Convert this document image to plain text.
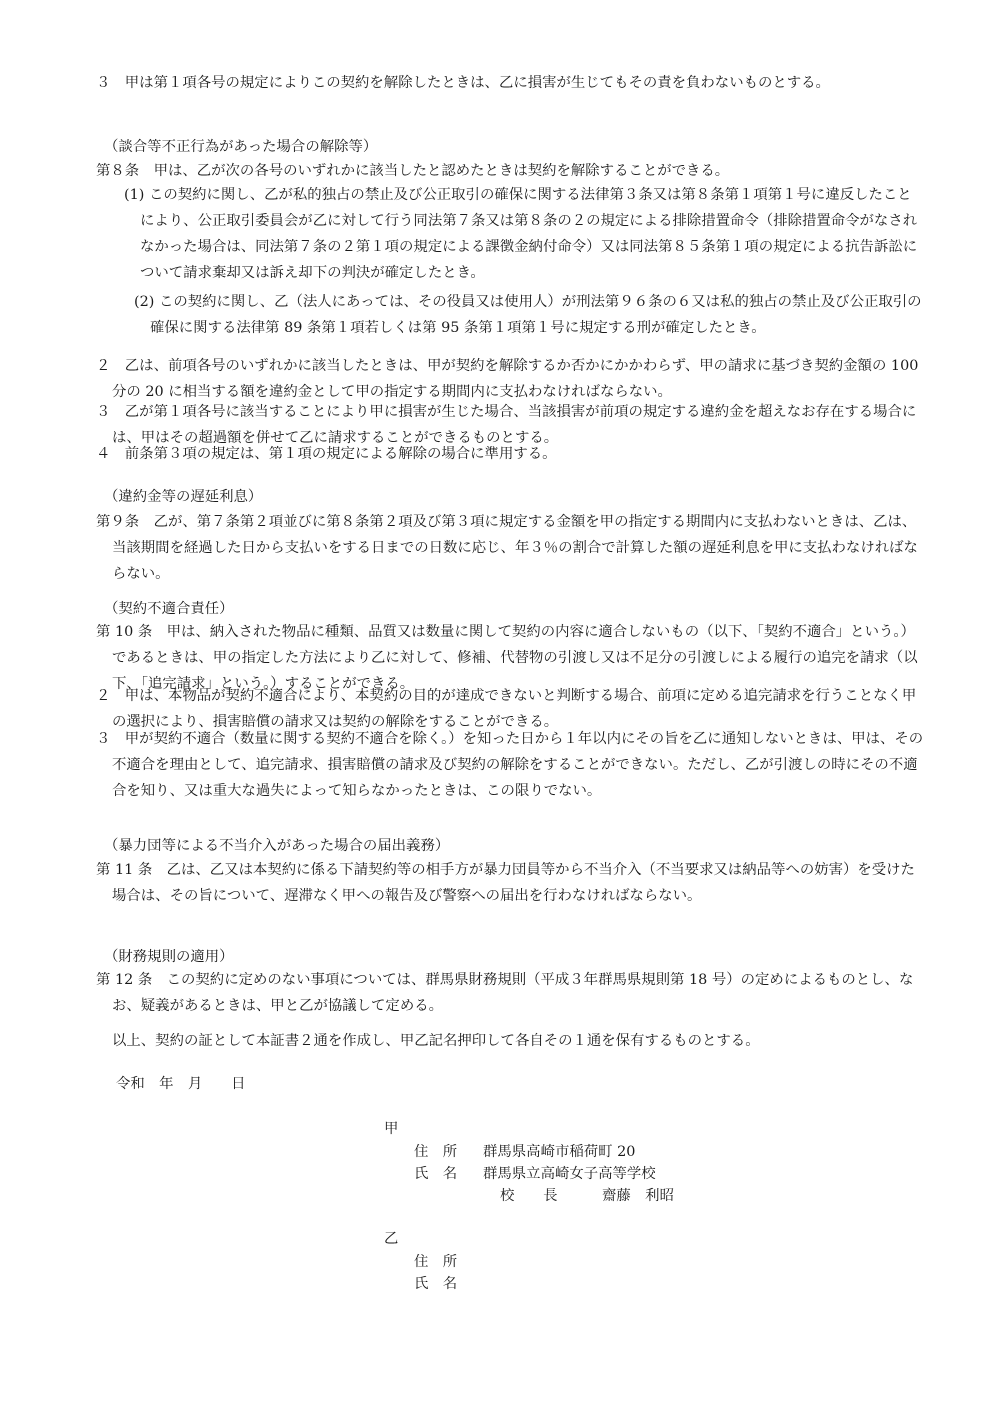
３　甲は第１項各号の規定によりこの契約を解除したときは、乙に損害が生じてもその責を負わないものとする。

（談合等不正行為があった場合の解除等）

第８条　甲は、乙が次の各号のいずれかに該当したと認めたときは契約を解除することができる。

(1) この契約に関し、乙が私的独占の禁止及び公正取引の確保に関する法律第３条又は第８条第１項第１号に違反したことにより、公正取引委員会が乙に対して行う同法第７条又は第８条の２の規定による排除措置命令（排除措置命令がなされなかった場合は、同法第７条の２第１項の規定による課徴金納付命令）又は同法第８５条第１項の規定による抗告訴訟について請求棄却又は訴え却下の判決が確定したとき。

(2) この契約に関し、乙（法人にあっては、その役員又は使用人）が刑法第９６条の６又は私的独占の禁止及び公正取引の確保に関する法律第 89 条第１項若しくは第 95 条第１項第１号に規定する刑が確定したとき。

２　乙は、前項各号のいずれかに該当したときは、甲が契約を解除するか否かにかかわらず、甲の請求に基づき契約金額の 100 分の 20 に相当する額を違約金として甲の指定する期間内に支払わなければならない。

３　乙が第１項各号に該当することにより甲に損害が生じた場合、当該損害が前項の規定する違約金を超えなお存在する場合には、甲はその超過額を併せて乙に請求することができるものとする。

４　前条第３項の規定は、第１項の規定による解除の場合に準用する。

（違約金等の遅延利息）

第９条　乙が、第７条第２項並びに第８条第２項及び第３項に規定する金額を甲の指定する期間内に支払わないときは、乙は、当該期間を経過した日から支払いをする日までの日数に応じ、年３％の割合で計算した額の遅延利息を甲に支払わなければならない。

（契約不適合責任）

第 10 条　甲は、納入された物品に種類、品質又は数量に関して契約の内容に適合しないもの（以下、「契約不適合」という。）であるときは、甲の指定した方法により乙に対して、修補、代替物の引渡し又は不足分の引渡しによる履行の追完を請求（以下、「追完請求」という。）することができる。

２　甲は、本物品が契約不適合により、本契約の目的が達成できないと判断する場合、前項に定める追完請求を行うことなく甲の選択により、損害賠償の請求又は契約の解除をすることができる。

３　甲が契約不適合（数量に関する契約不適合を除く。）を知った日から１年以内にその旨を乙に通知しないときは、甲は、その不適合を理由として、追完請求、損害賠償の請求及び契約の解除をすることができない。ただし、乙が引渡しの時にその不適合を知り、又は重大な過失によって知らなかったときは、この限りでない。

（暴力団等による不当介入があった場合の届出義務）

第 11 条　乙は、乙又は本契約に係る下請契約等の相手方が暴力団員等から不当介入（不当要求又は納品等への妨害）を受けた場合は、その旨について、遅滞なく甲への報告及び警察への届出を行わなければならない。

（財務規則の適用）

第 12 条　この契約に定めのない事項については、群馬県財務規則（平成３年群馬県規則第 18 号）の定めによるものとし、なお、疑義があるときは、甲と乙が協議して定める。

以上、契約の証として本証書２通を作成し、甲乙記名押印して各自その１通を保有するものとする。

令和　年　月　　日

甲

住　所 群馬県高崎市稲荷町 20

氏　名 群馬県立高崎女子高等学校

校　　長	齋藤　利昭

乙

住　所

氏　名
